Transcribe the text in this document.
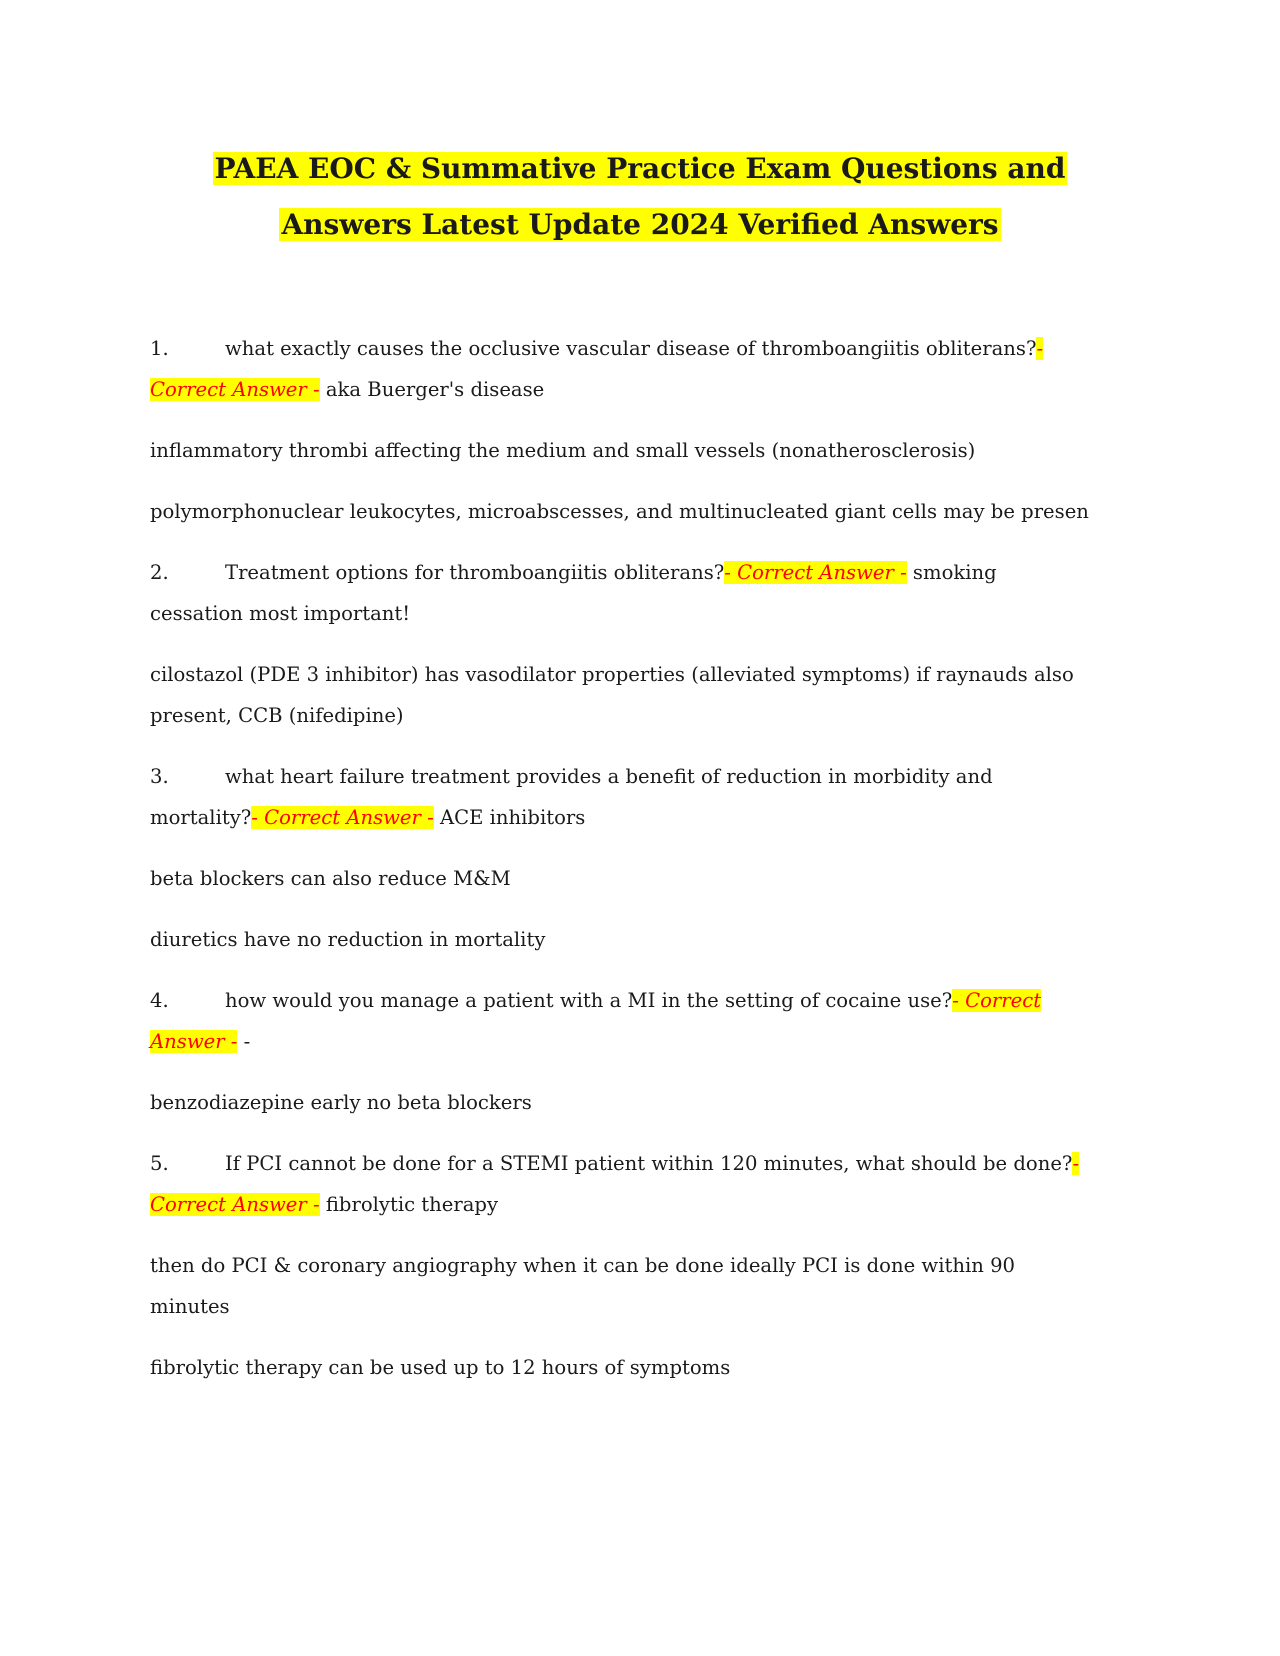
PAEA EOC & Summative Practice Exam Questions and
Answers Latest Update 2024 Verified Answers

1.	what exactly causes the occlusive vascular disease of thromboangiitis obliterans?- Correct Answer - aka Buerger's disease

inflammatory thrombi affecting the medium and small vessels (nonatherosclerosis)

polymorphonuclear leukocytes, microabscesses, and multinucleated giant cells may be presen

2.	Treatment options for thromboangiitis obliterans?- Correct Answer - smoking cessation most important!

cilostazol (PDE 3 inhibitor) has vasodilator properties (alleviated symptoms) if raynauds also present, CCB (nifedipine)

3.	what heart failure treatment provides a benefit of reduction in morbidity and mortality?- Correct Answer - ACE inhibitors

beta blockers can also reduce M&M

diuretics have no reduction in mortality

4.	how would you manage a patient with a MI in the setting of cocaine use?- Correct Answer - -

benzodiazepine early no beta blockers

5.	If PCI cannot be done for a STEMI patient within 120 minutes, what should be done?- Correct Answer - fibrolytic therapy

then do PCI & coronary angiography when it can be done ideally PCI is done within 90 minutes

fibrolytic therapy can be used up to 12 hours of symptoms
